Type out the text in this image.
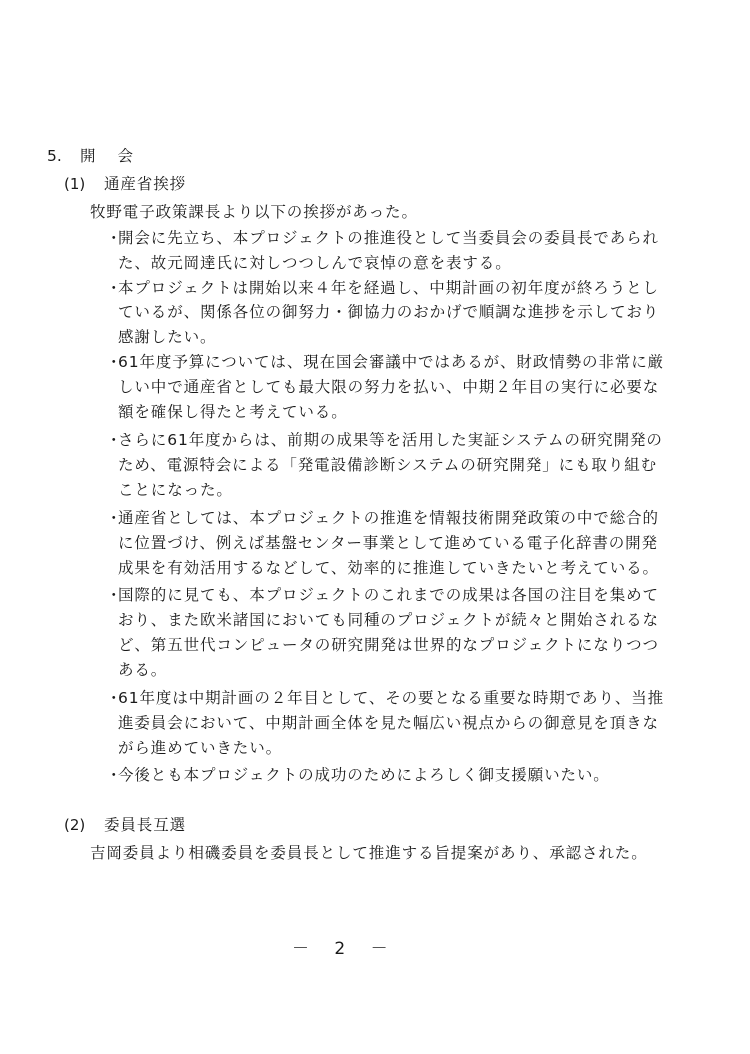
5. 開会
(1) 通産省挨拶
牧野電子政策課長より以下の挨拶があった。
・
開会に先立ち、本プロジェクトの推進役として当委員会の委員長であられ
た、故元岡達氏に対しつつしんで哀悼の意を表する。
・
本プロジェクトは開始以来４年を経過し、中期計画の初年度が終ろうとし
ているが、関係各位の御努力・御協力のおかげで順調な進捗を示しており
感謝したい。
・
61年度予算については、現在国会審議中ではあるが、財政情勢の非常に厳
しい中で通産省としても最大限の努力を払い、中期２年目の実行に必要な
額を確保し得たと考えている。
・
さらに61年度からは、前期の成果等を活用した実証システムの研究開発の
ため、電源特会による「発電設備診断システムの研究開発」にも取り組む
ことになった。
・
通産省としては、本プロジェクトの推進を情報技術開発政策の中で総合的
に位置づけ、例えば基盤センター事業として進めている電子化辞書の開発
成果を有効活用するなどして、効率的に推進していきたいと考えている。
・
国際的に見ても、本プロジェクトのこれまでの成果は各国の注目を集めて
おり、また欧米諸国においても同種のプロジェクトが続々と開始されるな
ど、第五世代コンピュータの研究開発は世界的なプロジェクトになりつつ
ある。
・
61年度は中期計画の２年目として、その要となる重要な時期であり、当推
進委員会において、中期計画全体を見た幅広い視点からの御意見を頂きな
がら進めていきたい。
・
今後とも本プロジェクトの成功のためによろしく御支援願いたい。
(2) 委員長互選
吉岡委員より相磯委員を委員長として推進する旨提案があり、承認された。
－ 2 －
